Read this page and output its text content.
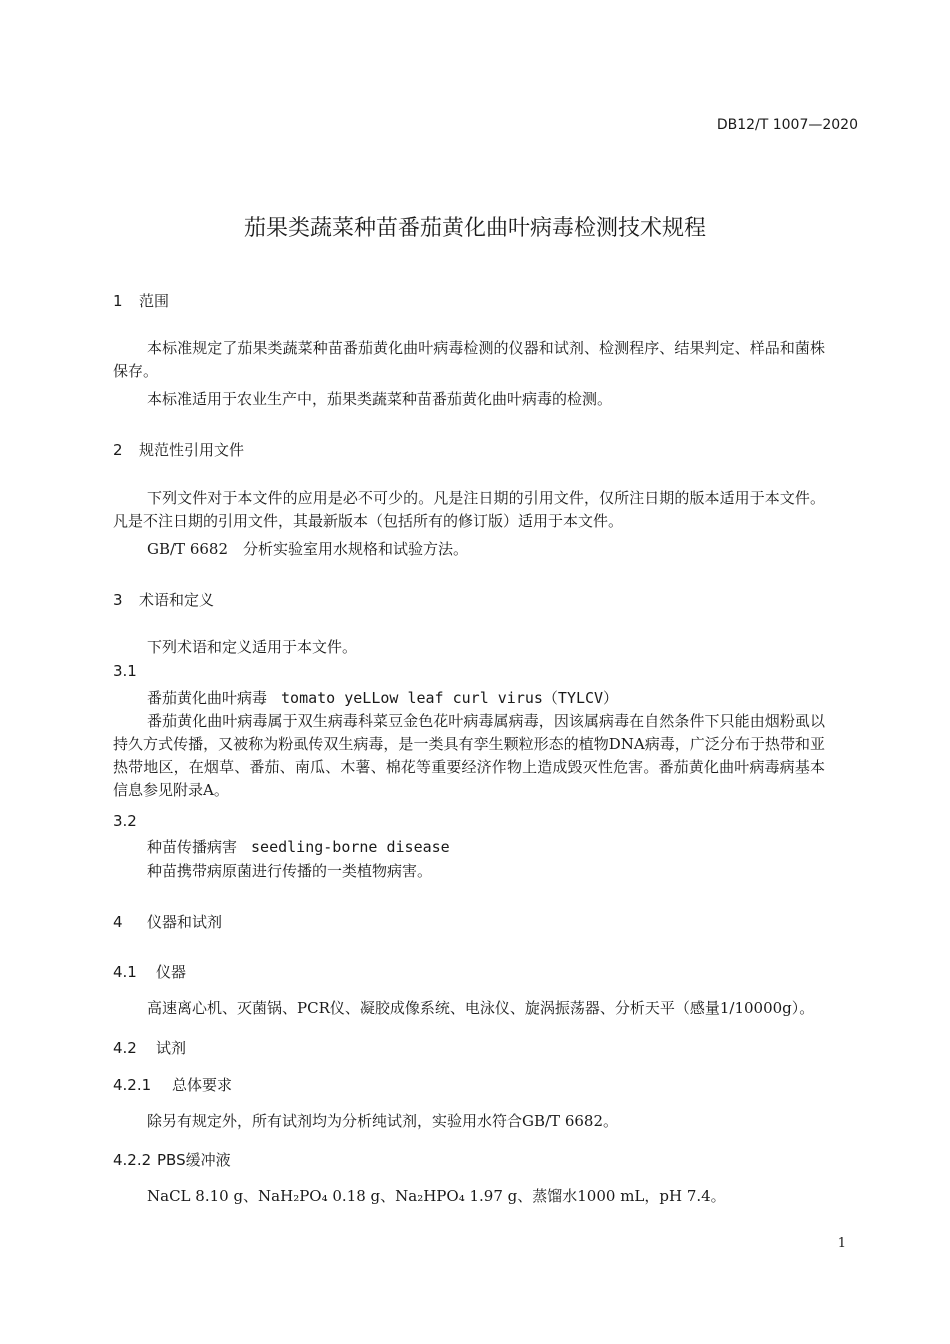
DB12/T 1007—2020
茄果类蔬菜种苗番茄黄化曲叶病毒检测技术规程
1 范围
本标准规定了茄果类蔬菜种苗番茄黄化曲叶病毒检测的仪器和试剂、检测程序、结果判定、样品和菌株保存。
本标准适用于农业生产中，茄果类蔬菜种苗番茄黄化曲叶病毒的检测。
2 规范性引用文件
下列文件对于本文件的应用是必不可少的。凡是注日期的引用文件，仅所注日期的版本适用于本文件。凡是不注日期的引用文件，其最新版本（包括所有的修订版）适用于本文件。
GB/T 6682　分析实验室用水规格和试验方法。
3 术语和定义
下列术语和定义适用于本文件。
3.1
番茄黄化曲叶病毒 tomato yeLLow leaf curl virus（TYLCV）
番茄黄化曲叶病毒属于双生病毒科菜豆金色花叶病毒属病毒，因该属病毒在自然条件下只能由烟粉虱以持久方式传播，又被称为粉虱传双生病毒，是一类具有孪生颗粒形态的植物DNA病毒，广泛分布于热带和亚热带地区，在烟草、番茄、南瓜、木薯、棉花等重要经济作物上造成毁灭性危害。番茄黄化曲叶病毒病基本信息参见附录A。
3.2
种苗传播病害 seedling-borne disease
种苗携带病原菌进行传播的一类植物病害。
4 仪器和试剂
4.1 仪器
高速离心机、灭菌锅、PCR仪、凝胶成像系统、电泳仪、旋涡振荡器、分析天平（感量1/10000g）。
4.2 试剂
4.2.1 总体要求
除另有规定外，所有试剂均为分析纯试剂，实验用水符合GB/T 6682。
4.2.2 PBS缓冲液
NaCL 8.10 g、NaH₂PO₄ 0.18 g、Na₂HPO₄ 1.97 g、蒸馏水1000 mL，pH 7.4。
1
